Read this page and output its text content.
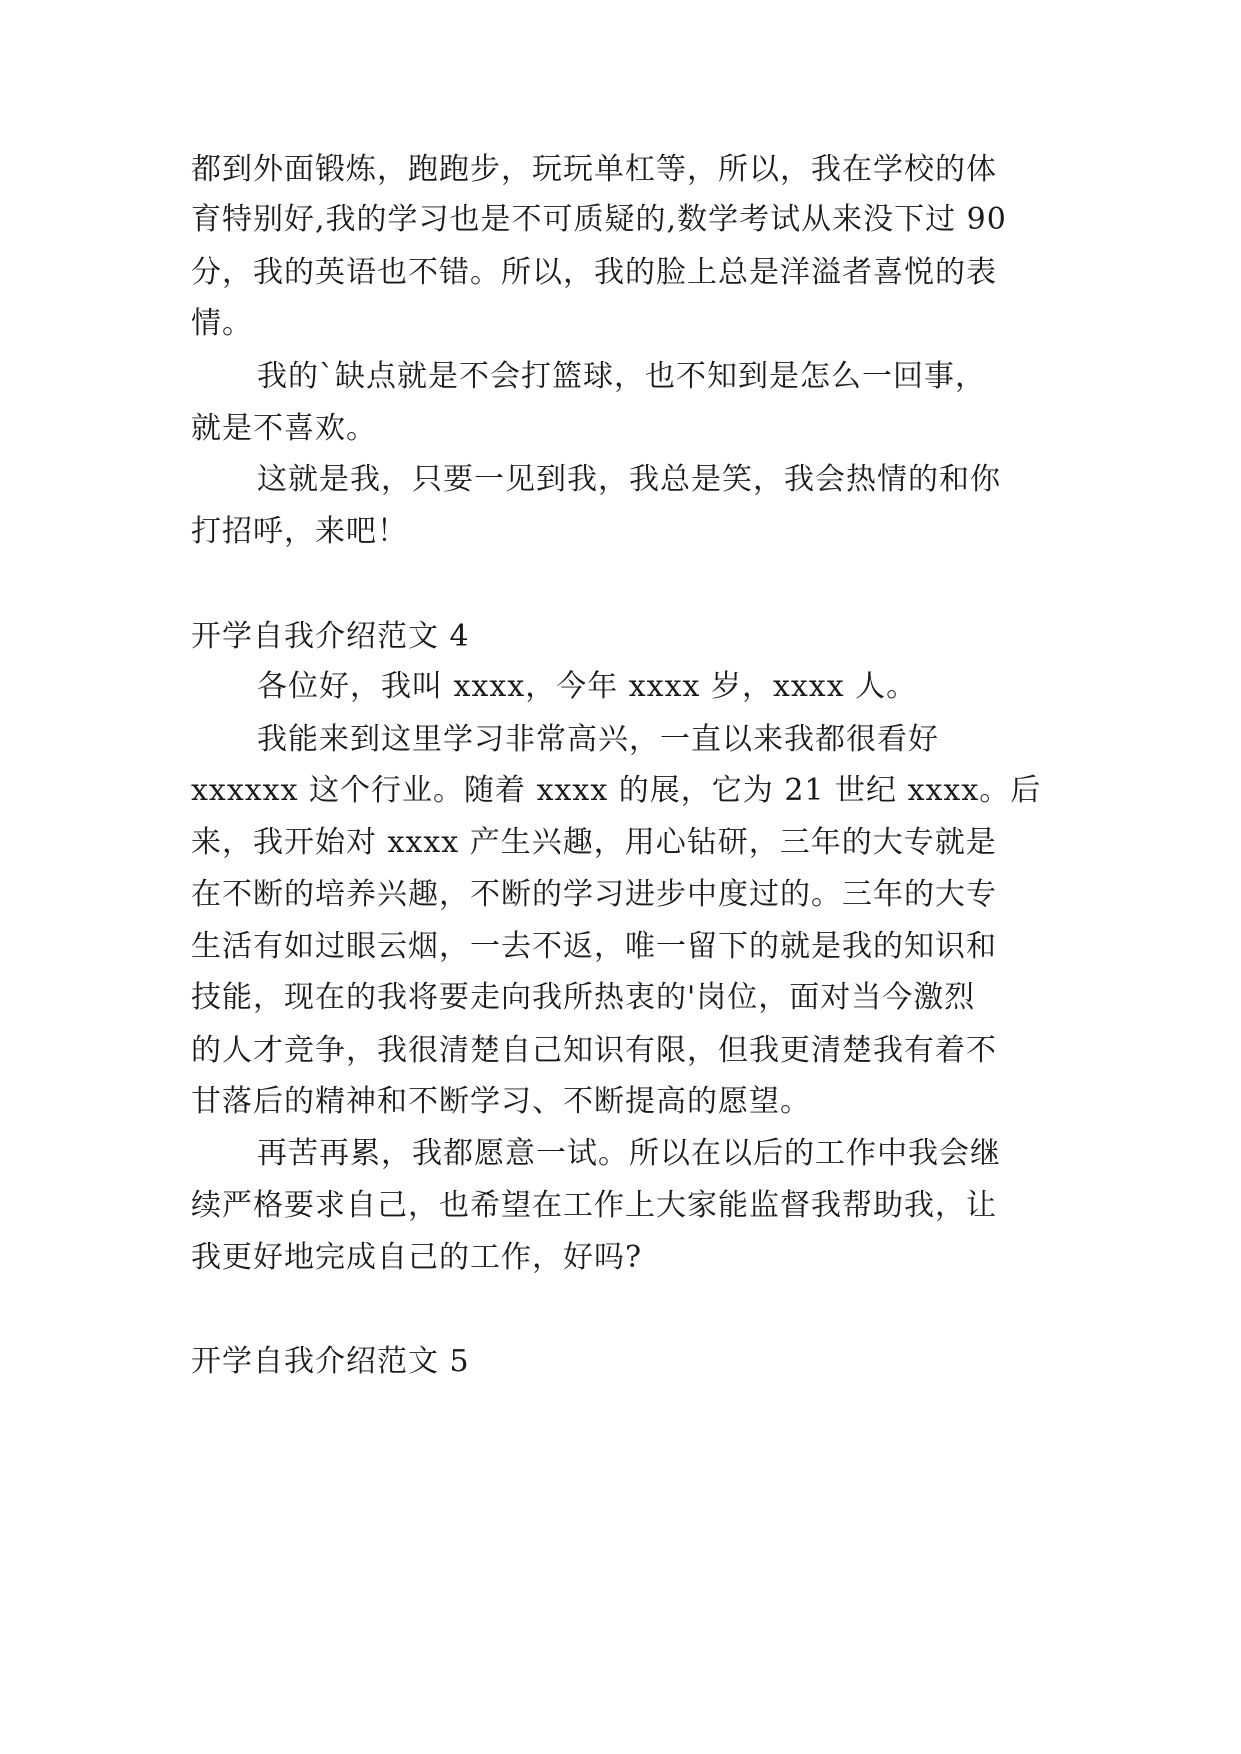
都到外面锻炼，跑跑步，玩玩单杠等，所以，我在学校的体
育特别好,我的学习也是不可质疑的,数学考试从来没下过 90
分，我的英语也不错。所以，我的脸上总是洋溢者喜悦的表
情。
我的`缺点就是不会打篮球，也不知到是怎么一回事，
就是不喜欢。
这就是我，只要一见到我，我总是笑，我会热情的和你
打招呼，来吧！
开学自我介绍范文 4
各位好，我叫 xxxx，今年 xxxx 岁，xxxx 人。
我能来到这里学习非常高兴，一直以来我都很看好
xxxxxx 这个行业。随着 xxxx 的展，它为 21 世纪 xxxx。后
来，我开始对 xxxx 产生兴趣，用心钻研，三年的大专就是
在不断的培养兴趣，不断的学习进步中度过的。三年的大专
生活有如过眼云烟，一去不返，唯一留下的就是我的知识和
技能，现在的我将要走向我所热衷的'岗位，面对当今激烈
的人才竞争，我很清楚自己知识有限，但我更清楚我有着不
甘落后的精神和不断学习、不断提高的愿望。
再苦再累，我都愿意一试。所以在以后的工作中我会继
续严格要求自己，也希望在工作上大家能监督我帮助我，让
我更好地完成自己的工作，好吗?
开学自我介绍范文 5
